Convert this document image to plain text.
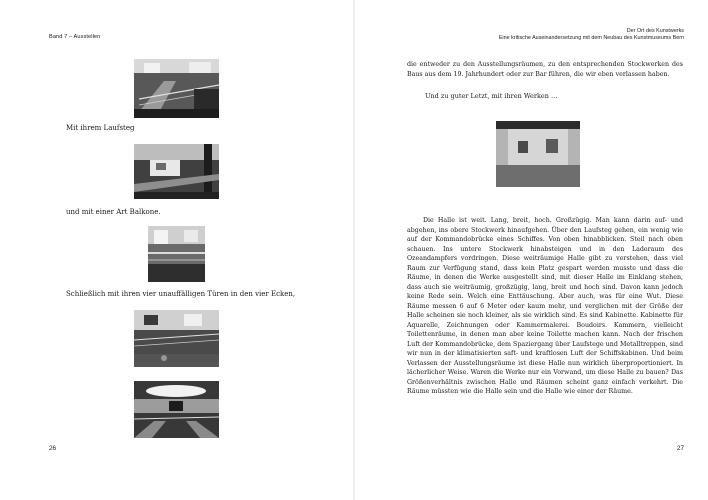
Band 7 – Ausstellen
Der Ort des Kunstwerks
Eine kritische Auseinandersetzung mit dem Neubau des Kunstmuseums Bern
Mit ihrem Laufsteg
und mit einer Art Balkone.
Schließlich mit ihren vier unauffälligen Türen in den vier Ecken,
26

die entweder zu den Ausstellungsräumen, zu den entsprechenden Stockwerken des Baus aus dem 19. Jahrhundert oder zur Bar führen, die wir eben verlassen haben.

Und zu guter Letzt, mit ihren Werken …

Die Halle ist weit. Lang, breit, hoch. Großzügig. Man kann darin auf- und abgehen, ins obere Stockwerk hinaufgehen. Über den Laufsteg gehen, ein wenig wie auf der Kommandobrücke eines Schiffes. Von oben hinabblicken. Steil nach oben schauen. Ins untere Stockwerk hinabsteigen und in den Laderaum des Ozeandampfers vordringen. Diese weiträumige Halle gibt zu verstehen, dass viel Raum zur Verfügung stand, dass kein Platz gespart werden musste und dass die Räume, in denen die Werke ausgestellt sind, mit dieser Halle im Einklang stehen, dass auch sie weiträumig, großzügig, lang, breit und hoch sind. Davon kann jedoch keine Rede sein. Welch eine Enttäuschung. Aber auch, was für eine Wut. Diese Räume messen 6 auf 6 Meter oder kaum mehr, und verglichen mit der Größe der Halle scheinen sie noch kleiner, als sie wirklich sind. Es sind Kabinette. Kabinette für Aquarelle, Zeichnungen oder Kammermalerei. Boudoirs. Kammern, vielleicht Toilettenräume, in denen man aber keine Toilette machen kann. Nach der frischen Luft der Kommandobrücke, dem Spaziergang über Laufstege und Metalltreppen, sind wir nun in der klimatisierten saft- und kraftlosen Luft der Schiffskabinen. Und beim Verlassen der Ausstellungsräume ist diese Halle nun wirklich überproportioniert. In lächerlicher Weise. Waren die Werke nur ein Vorwand, um diese Halle zu bauen? Das Größenverhältnis zwischen Halle und Räumen scheint ganz einfach verkehrt. Die Räume müssten wie die Halle sein und die Halle wie einer der Räume.

27
